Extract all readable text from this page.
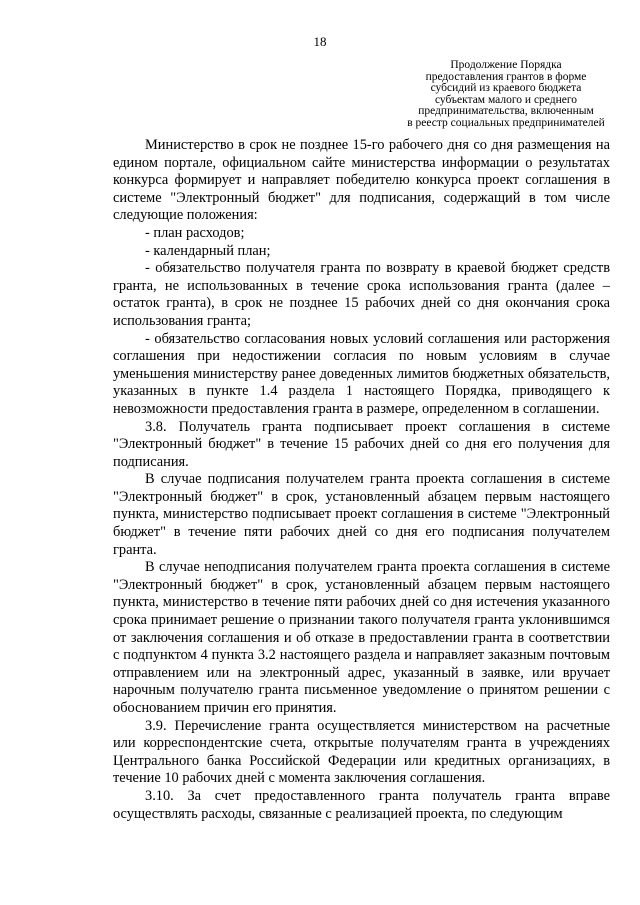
18
Продолжение Порядка
предоставления грантов в форме
субсидий из краевого бюджета
субъектам малого и среднего
предпринимательства, включенным
в реестр социальных предпринимателей

Министерство в срок не позднее 15-го рабочего дня со дня размещения на едином портале, официальном сайте министерства информации о результатах конкурса формирует и направляет победителю конкурса проект соглашения в системе "Электронный бюджет" для подписания, содержащий в том числе следующие положения:

- план расходов;

- календарный план;

- обязательство получателя гранта по возврату в краевой бюджет средств гранта, не использованных в течение срока использования гранта (далее – остаток гранта), в срок не позднее 15 рабочих дней со дня окончания срока использования гранта;

- обязательство согласования новых условий соглашения или расторжения соглашения при недостижении согласия по новым условиям в случае уменьшения министерству ранее доведенных лимитов бюджетных обязательств, указанных в пункте 1.4 раздела 1 настоящего Порядка, приводящего к невозможности предоставления гранта в размере, определенном в соглашении.

3.8. Получатель гранта подписывает проект соглашения в системе "Электронный бюджет" в течение 15 рабочих дней со дня его получения для подписания.

В случае подписания получателем гранта проекта соглашения в системе "Электронный бюджет" в срок, установленный абзацем первым настоящего пункта, министерство подписывает проект соглашения в системе "Электронный бюджет" в течение пяти рабочих дней со дня его подписания получателем гранта.

В случае неподписания получателем гранта проекта соглашения в системе "Электронный бюджет" в срок, установленный абзацем первым настоящего пункта, министерство в течение пяти рабочих дней со дня истечения указанного срока принимает решение о признании такого получателя гранта уклонившимся от заключения соглашения и об отказе в предоставлении гранта в соответствии с подпунктом 4 пункта 3.2 настоящего раздела и направляет заказным почтовым отправлением или на электронный адрес, указанный в заявке, или вручает нарочным получателю гранта письменное уведомление о принятом решении с обоснованием причин его принятия.

3.9. Перечисление гранта осуществляется министерством на расчетные или корреспондентские счета, открытые получателям гранта в учреждениях Центрального банка Российской Федерации или кредитных организациях, в течение 10 рабочих дней с момента заключения соглашения.

3.10. За счет предоставленного гранта получатель гранта вправе осуществлять расходы, связанные с реализацией проекта, по следующим
